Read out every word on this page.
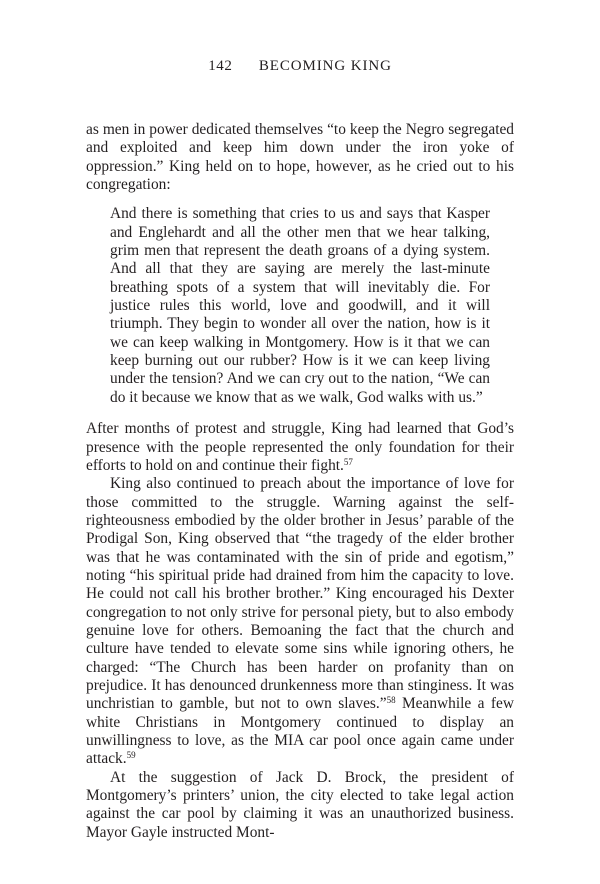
142 BECOMING KING

as men in power dedicated themselves “to keep the Negro segregated and exploited and keep him down under the iron yoke of oppression.” King held on to hope, however, as he cried out to his congregation:

And there is something that cries to us and says that Kasper and Englehardt and all the other men that we hear talking, grim men that represent the death groans of a dying system. And all that they are saying are merely the last-minute breathing spots of a system that will inevitably die. For justice rules this world, love and goodwill, and it will triumph. They begin to wonder all over the nation, how is it we can keep walking in Montgomery. How is it that we can keep burning out our rubber? How is it we can keep living under the tension? And we can cry out to the nation, “We can do it because we know that as we walk, God walks with us.”

After months of protest and struggle, King had learned that God’s presence with the people represented the only foundation for their efforts to hold on and continue their fight.$^{57}$

King also continued to preach about the importance of love for those committed to the struggle. Warning against the self-righteousness embodied by the older brother in Jesus’ parable of the Prodigal Son, King observed that “the tragedy of the elder brother was that he was contaminated with the sin of pride and egotism,” noting “his spiritual pride had drained from him the capacity to love. He could not call his brother brother.” King encouraged his Dexter congregation to not only strive for personal piety, but to also embody genuine love for others. Bemoaning the fact that the church and culture have tended to elevate some sins while ignoring others, he charged: “The Church has been harder on profanity than on prejudice. It has denounced drunkenness more than stinginess. It was unchristian to gamble, but not to own slaves.”$^{58}$ Meanwhile a few white Christians in Montgomery continued to display an unwillingness to love, as the MIA car pool once again came under attack.$^{59}$

At the suggestion of Jack D. Brock, the president of Montgomery’s printers’ union, the city elected to take legal action against the car pool by claiming it was an unauthorized business. Mayor Gayle instructed Mont-
